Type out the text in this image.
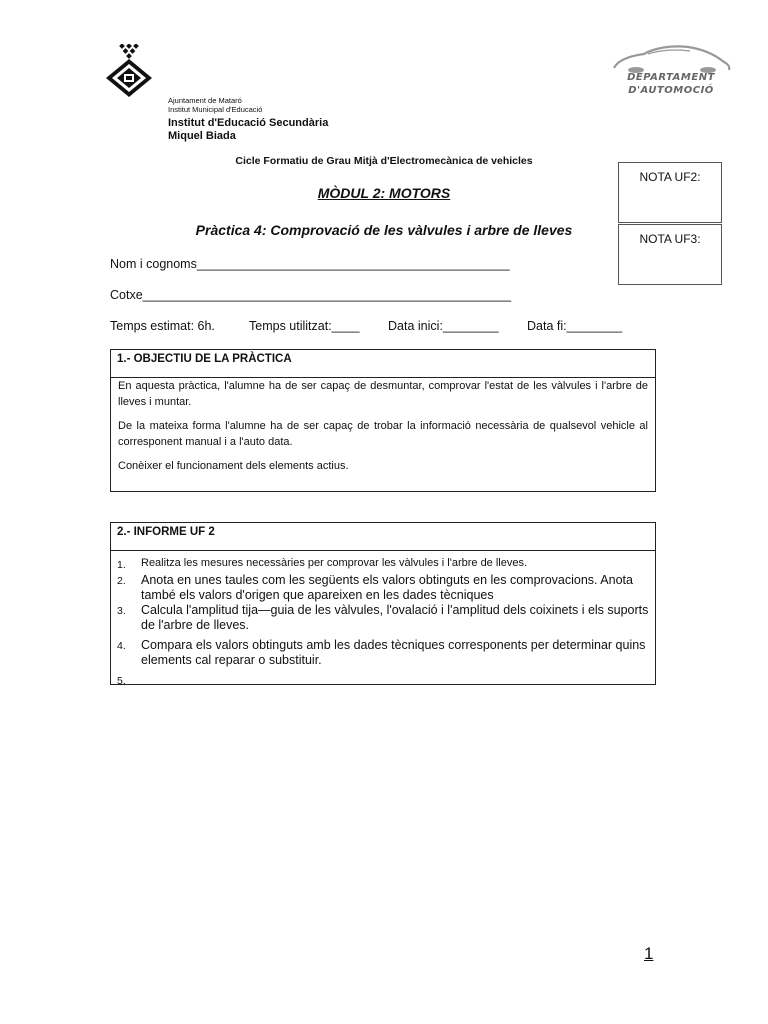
Ajuntament de Mataró
Institut Municipal d'Educació
Institut d'Educació Secundària
Miquel Biada
DEPARTAMENT
D'AUTOMOCIÓ
Cicle Formatiu de Grau Mitjà d'Electromecànica de vehicles
MÒDUL 2: MOTORS
Pràctica 4: Comprovació de les vàlvules i arbre de lleves
NOTA UF2:
NOTA UF3:
Nom i cognoms_____________________________________________
Cotxe_____________________________________________________
Temps estimat: 6h.	Temps utilitzat:____ Data inici:________ Data fi:________
1.- OBJECTIU DE LA PRÀCTICA

En aquesta pràctica, l'alumne ha de ser capaç de desmuntar, comprovar l'estat de les vàlvules i l'arbre de lleves i muntar.

De la mateixa forma l'alumne ha de ser capaç de trobar la informació necessària de qualsevol vehicle al corresponent manual i a l'auto data.

Conèixer el funcionament dels elements actius.

2.- INFORME UF 2
1.	Realitza les mesures necessàries per comprovar les vàlvules i l'arbre de lleves.
2.	Anota en unes taules com les següents els valors obtinguts en les comprovacions. Anota també els valors d'origen que apareixen en les dades tècniques
3.	Calcula l'amplitud tija—guia de les vàlvules, l'ovalació i l'amplitud dels coixinets i els suports de l'arbre de lleves.
4.	Compara els valors obtinguts amb les dades tècniques corresponents per determinar quins elements cal reparar o substituir.
5.
1
